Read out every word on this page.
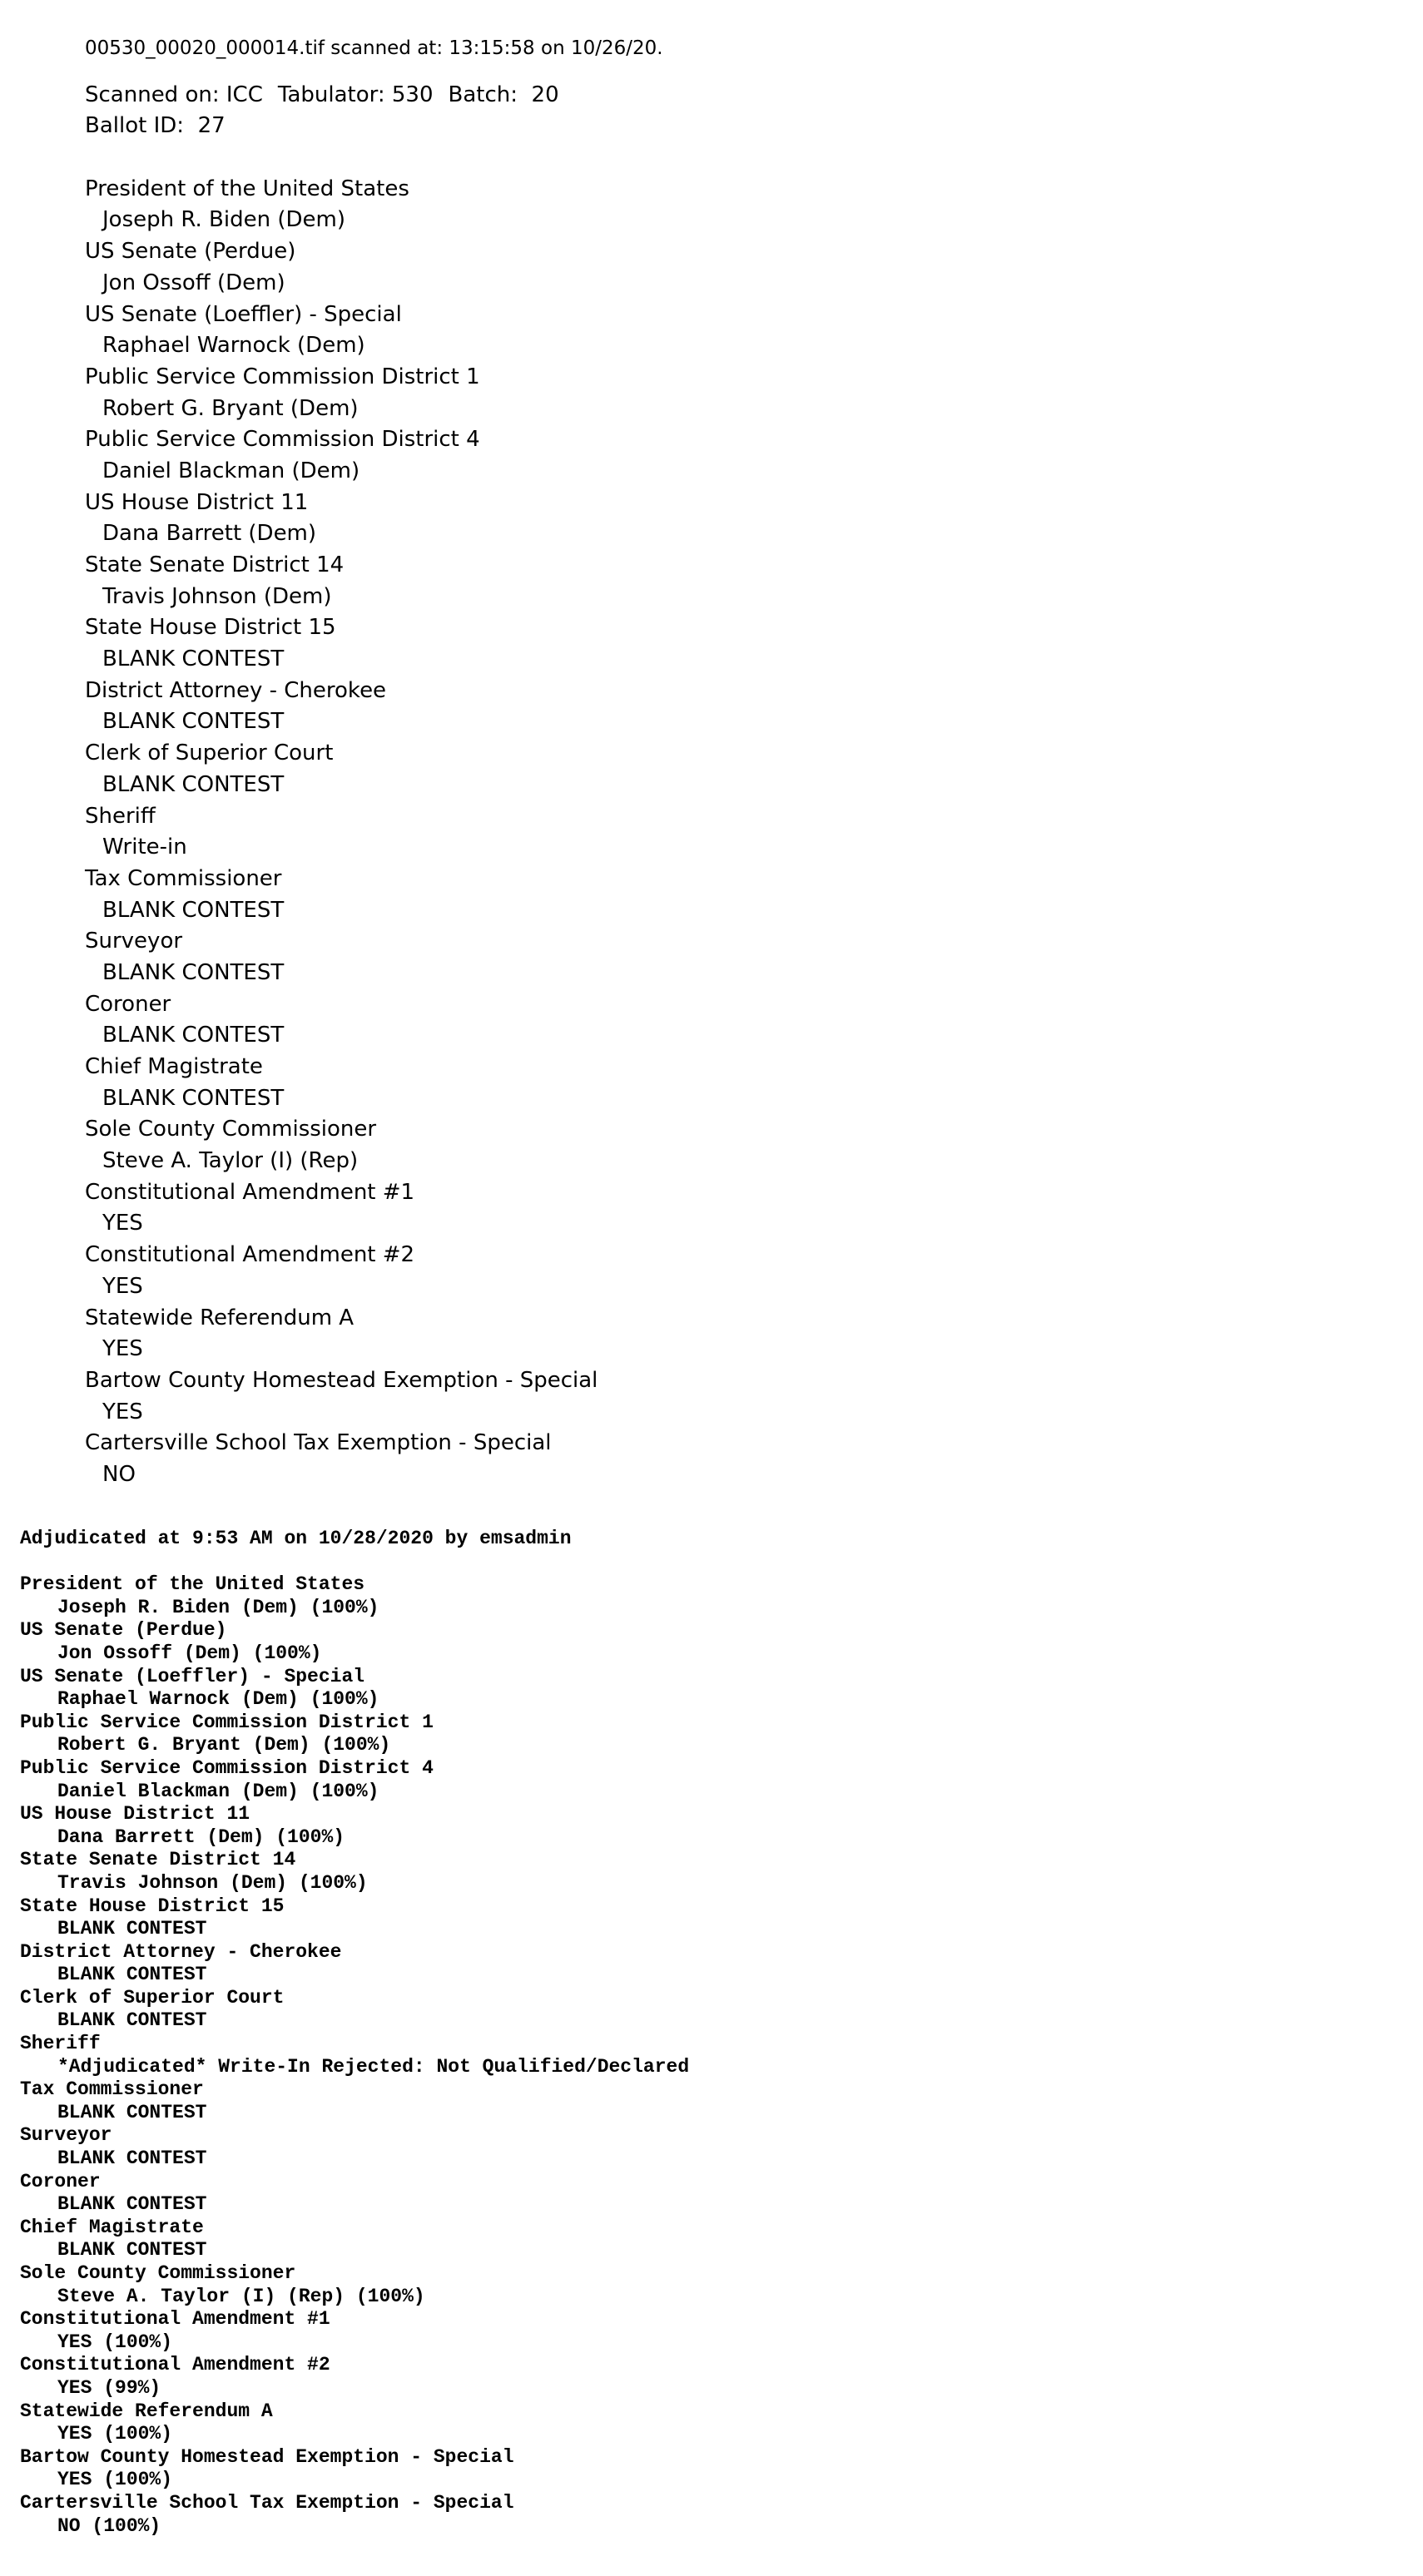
00530_00020_000014.tif scanned at: 13:15:58 on 10/26/20.
Scanned on: ICC Tabulator: 530 Batch: 20
Ballot ID: 27
President of the United States
Joseph R. Biden (Dem)
US Senate (Perdue)
Jon Ossoff (Dem)
US Senate (Loeffler) - Special
Raphael Warnock (Dem)
Public Service Commission District 1
Robert G. Bryant (Dem)
Public Service Commission District 4
Daniel Blackman (Dem)
US House District 11
Dana Barrett (Dem)
State Senate District 14
Travis Johnson (Dem)
State House District 15
BLANK CONTEST
District Attorney - Cherokee
BLANK CONTEST
Clerk of Superior Court
BLANK CONTEST
Sheriff
Write-in
Tax Commissioner
BLANK CONTEST
Surveyor
BLANK CONTEST
Coroner
BLANK CONTEST
Chief Magistrate
BLANK CONTEST
Sole County Commissioner
Steve A. Taylor (I) (Rep)
Constitutional Amendment #1
YES
Constitutional Amendment #2
YES
Statewide Referendum A
YES
Bartow County Homestead Exemption - Special
YES
Cartersville School Tax Exemption - Special
NO
Adjudicated at 9:53 AM on 10/28/2020 by emsadmin
President of the United States
Joseph R. Biden (Dem) (100%)
US Senate (Perdue)
Jon Ossoff (Dem) (100%)
US Senate (Loeffler) - Special
Raphael Warnock (Dem) (100%)
Public Service Commission District 1
Robert G. Bryant (Dem) (100%)
Public Service Commission District 4
Daniel Blackman (Dem) (100%)
US House District 11
Dana Barrett (Dem) (100%)
State Senate District 14
Travis Johnson (Dem) (100%)
State House District 15
BLANK CONTEST
District Attorney - Cherokee
BLANK CONTEST
Clerk of Superior Court
BLANK CONTEST
Sheriff
*Adjudicated* Write-In Rejected: Not Qualified/Declared
Tax Commissioner
BLANK CONTEST
Surveyor
BLANK CONTEST
Coroner
BLANK CONTEST
Chief Magistrate
BLANK CONTEST
Sole County Commissioner
Steve A. Taylor (I) (Rep) (100%)
Constitutional Amendment #1
YES (100%)
Constitutional Amendment #2
YES (99%)
Statewide Referendum A
YES (100%)
Bartow County Homestead Exemption - Special
YES (100%)
Cartersville School Tax Exemption - Special
NO (100%)
